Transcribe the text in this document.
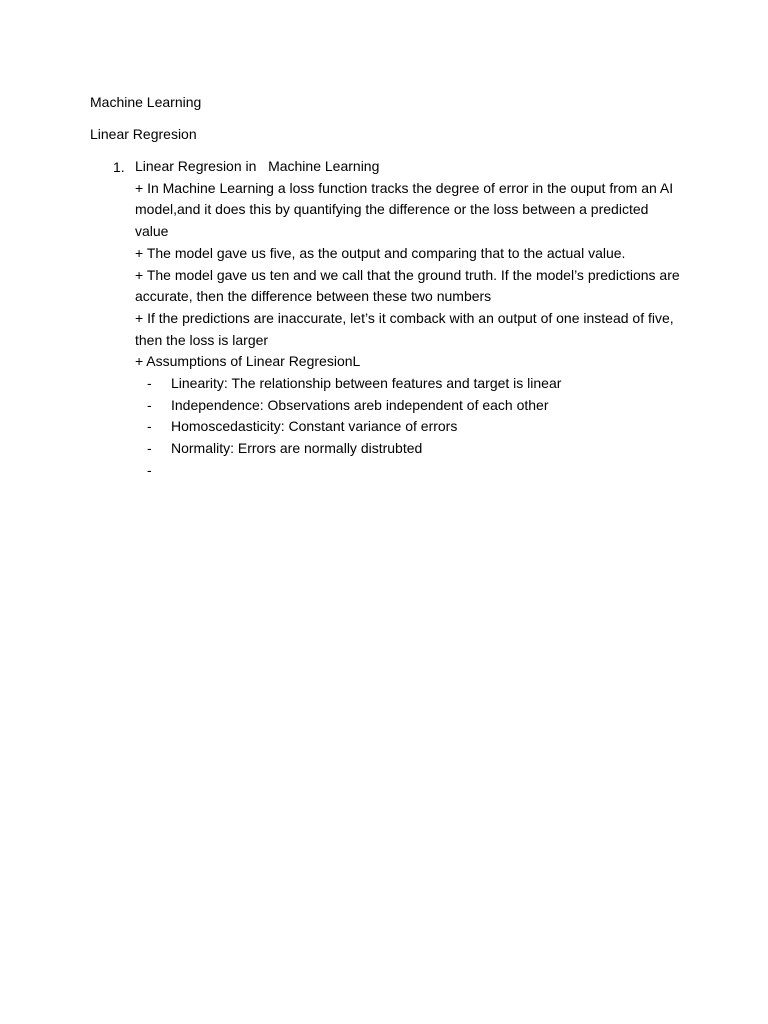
Machine Learning

Linear Regresion

1. Linear Regresion in   Machine Learning
+ In Machine Learning a loss function tracks the degree of error in the ouput from an AI
model,and it does this by quantifying the difference or the loss between a predicted
value
+ The model gave us five, as the output and comparing that to the actual value.
+ The model gave us ten and we call that the ground truth. If the model’s predictions are
accurate, then the difference between these two numbers
+ If the predictions are inaccurate, let’s it comback with an output of one instead of five,
then the loss is larger
+ Assumptions of Linear RegresionL
- Linearity: The relationship between features and target is linear
- Independence: Observations areb independent of each other
- Homoscedasticity: Constant variance of errors
- Normality: Errors are normally distrubted
-
